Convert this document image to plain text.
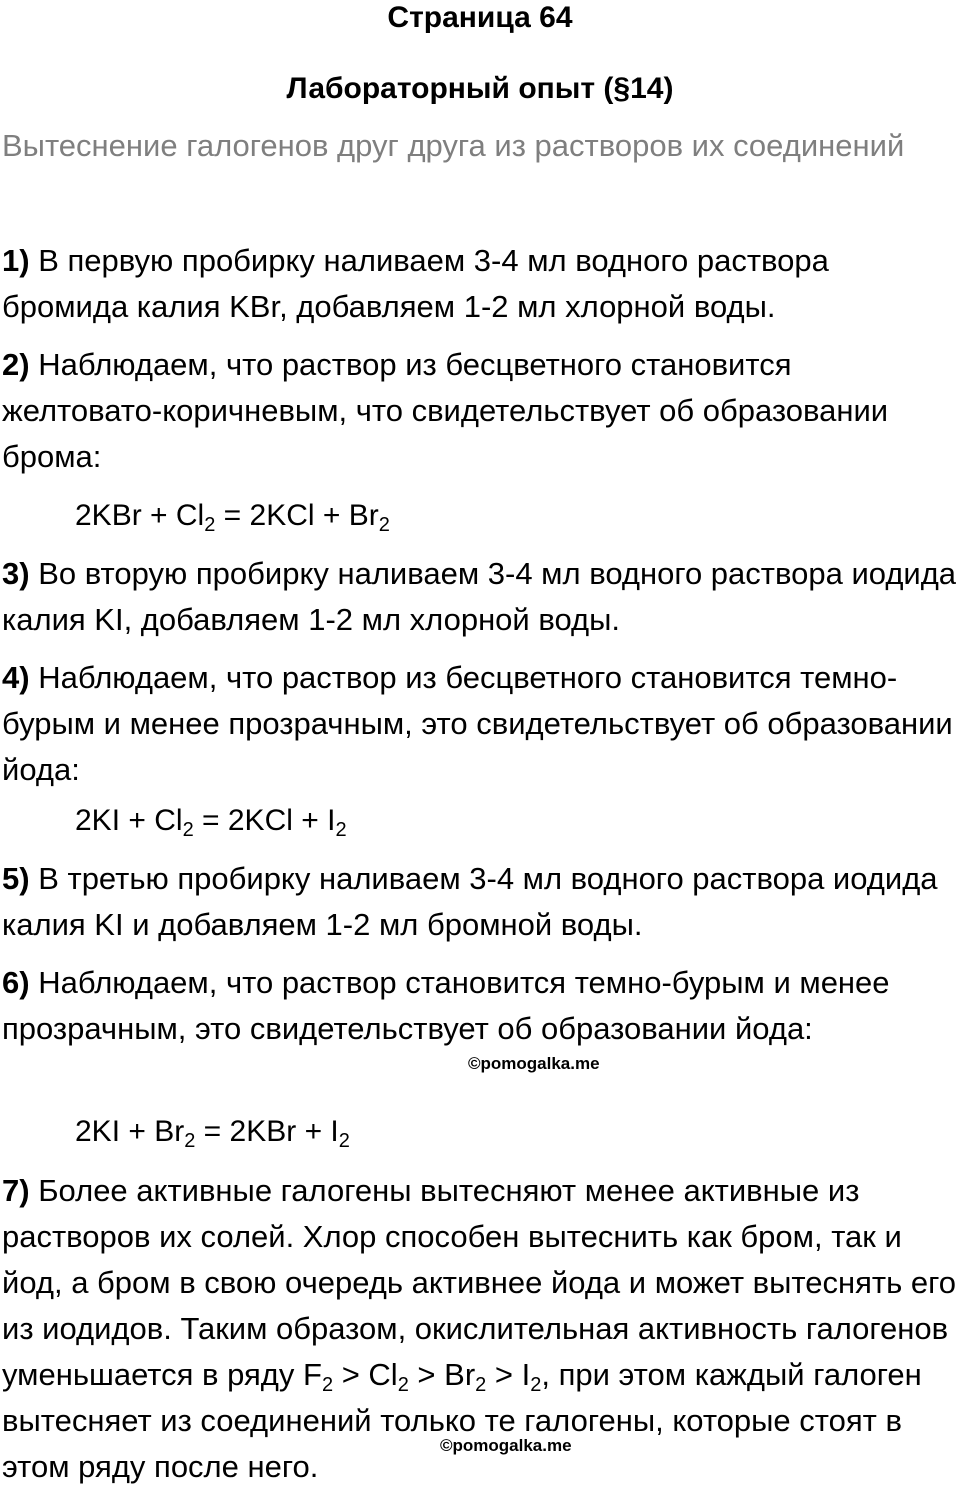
Страница 64
Лабораторный опыт (§14)
Вытеснение галогенов друг друга из растворов их соединений
1) В первую пробирку наливаем 3-4 мл водного раствора бромида калия KBr, добавляем 1-2 мл хлорной воды.
2) Наблюдаем, что раствор из бесцветного становится желтовато-коричневым, что свидетельствует об образовании брома:
$2KBr + Cl_2 = 2KCl + Br_2$
3) Во вторую пробирку наливаем 3-4 мл водного раствора иодида калия KI, добавляем 1-2 мл хлорной воды.
4) Наблюдаем, что раствор из бесцветного становится темно-бурым и менее прозрачным, это свидетельствует об образовании йода:
$2KI + Cl_2 = 2KCl + I_2$
5) В третью пробирку наливаем 3-4 мл водного раствора иодида калия KI и добавляем 1-2 мл бромной воды.
6) Наблюдаем, что раствор становится темно-бурым и менее прозрачным, это свидетельствует об образовании йода:
©pomogalka.me
$2KI + Br_2 = 2KBr + I_2$
7) Более активные галогены вытесняют менее активные из растворов их солей. Хлор способен вытеснить как бром, так и йод, а бром в свою очередь активнее йода и может вытеснять его из иодидов. Таким образом, окислительная активность галогенов уменьшается в ряду $F_2 > Cl_2 > Br_2 > I_2$, при этом каждый галоген вытесняет из соединений только те галогены, которые стоят в этом ряду после него.
©pomogalka.me
